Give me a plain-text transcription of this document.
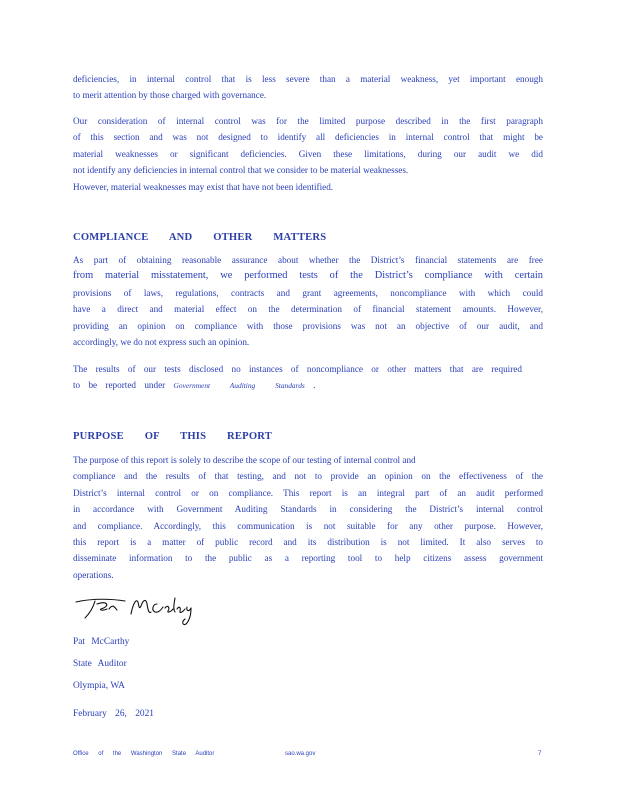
deficiencies, in internal control that is less severe than a material weakness, yet important enough
to merit attention by those charged with governance.
Our consideration of internal control was for the limited purpose described in the first paragraph
of this section and was not designed to identify all deficiencies in internal control that might be
material weaknesses or significant deficiencies. Given these limitations, during our audit we did
not identify any deficiencies in internal control that we consider to be material weaknesses.
However, material weaknesses may exist that have not been identified.
COMPLIANCE AND OTHER MATTERS
As part of obtaining reasonable assurance about whether the District’s financial statements are free
from material misstatement, we performed tests of the District’s compliance with certain
provisions of laws, regulations, contracts and grant agreements, noncompliance with which could
have a direct and material effect on the determination of financial statement amounts. However,
providing an opinion on compliance with those provisions was not an objective of our audit, and
accordingly, we do not express such an opinion.
The results of our tests disclosed no instances of noncompliance or other matters that are required
to be reported under Government Auditing Standards .
PURPOSE OF THIS REPORT
The purpose of this report is solely to describe the scope of our testing of internal control and
compliance and the results of that testing, and not to provide an opinion on the effectiveness of the
District’s internal control or on compliance. This report is an integral part of an audit performed
in accordance with Government Auditing Standards in considering the District’s internal control
and compliance. Accordingly, this communication is not suitable for any other purpose. However,
this report is a matter of public record and its distribution is not limited. It also serves to
disseminate information to the public as a reporting tool to help citizens assess government
operations.
Pat McCarthy
State Auditor
Olympia, WA
February 26, 2021
Office of the Washington State Auditor	sao.wa.gov	7
